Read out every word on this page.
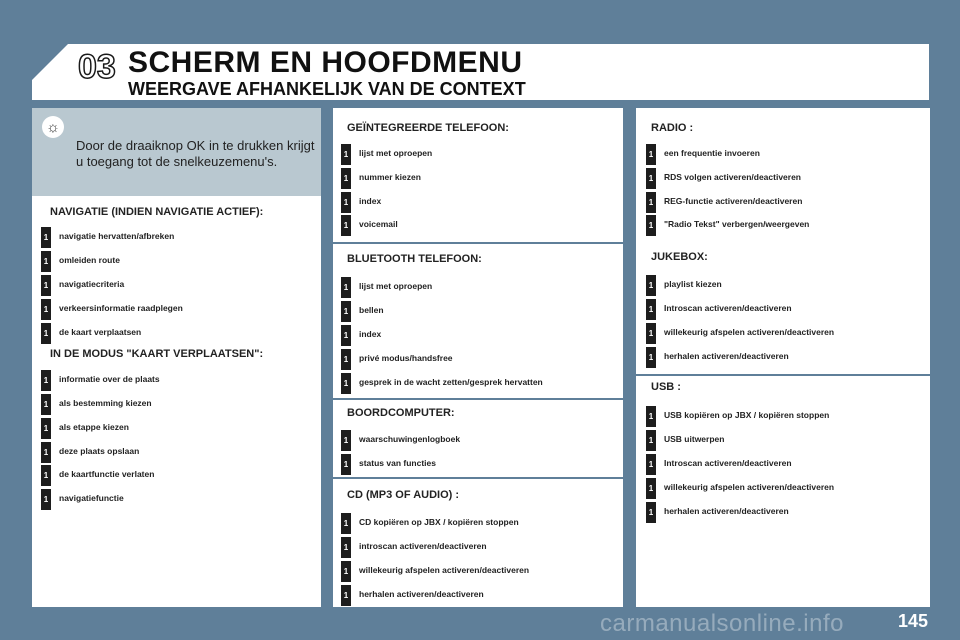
03 SCHERM EN HOOFDMENU
WEERGAVE AFHANKELIJK VAN DE CONTEXT
☼
Door de draaiknop OK in te drukken krijgt u toegang tot de snelkeuzemenu's.
NAVIGATIE (INDIEN NAVIGATIE ACTIEF):
1	navigatie hervatten/afbreken
1	omleiden route
1	navigatiecriteria
1	verkeersinformatie raadplegen
1	de kaart verplaatsen
IN DE MODUS "KAART VERPLAATSEN":
1	informatie over de plaats
1	als bestemming kiezen
1	als etappe kiezen
1	deze plaats opslaan
1	de kaartfunctie verlaten
1	navigatiefunctie
GEÏNTEGREERDE TELEFOON:
1	lijst met oproepen
1	nummer kiezen
1	index
1	voicemail
BLUETOOTH TELEFOON:
1	lijst met oproepen
1	bellen
1	index
1	privé modus/handsfree
1	gesprek in de wacht zetten/gesprek hervatten
BOORDCOMPUTER:
1	waarschuwingenlogboek
1	status van functies
CD (MP3 OF AUDIO) :
1	CD kopiëren op JBX / kopiëren stoppen
1	introscan activeren/deactiveren
1	willekeurig afspelen activeren/deactiveren
1	herhalen activeren/deactiveren
RADIO :
1	een frequentie invoeren
1	RDS volgen activeren/deactiveren
1	REG-functie activeren/deactiveren
1	"Radio Tekst" verbergen/weergeven
JUKEBOX:
1	playlist kiezen
1	Introscan activeren/deactiveren
1	willekeurig afspelen activeren/deactiveren
1	herhalen activeren/deactiveren
USB :
1	USB kopiëren op JBX / kopiëren stoppen
1	USB uitwerpen
1	Introscan activeren/deactiveren
1	willekeurig afspelen activeren/deactiveren
1	herhalen activeren/deactiveren
carmanualsonline.info	145
